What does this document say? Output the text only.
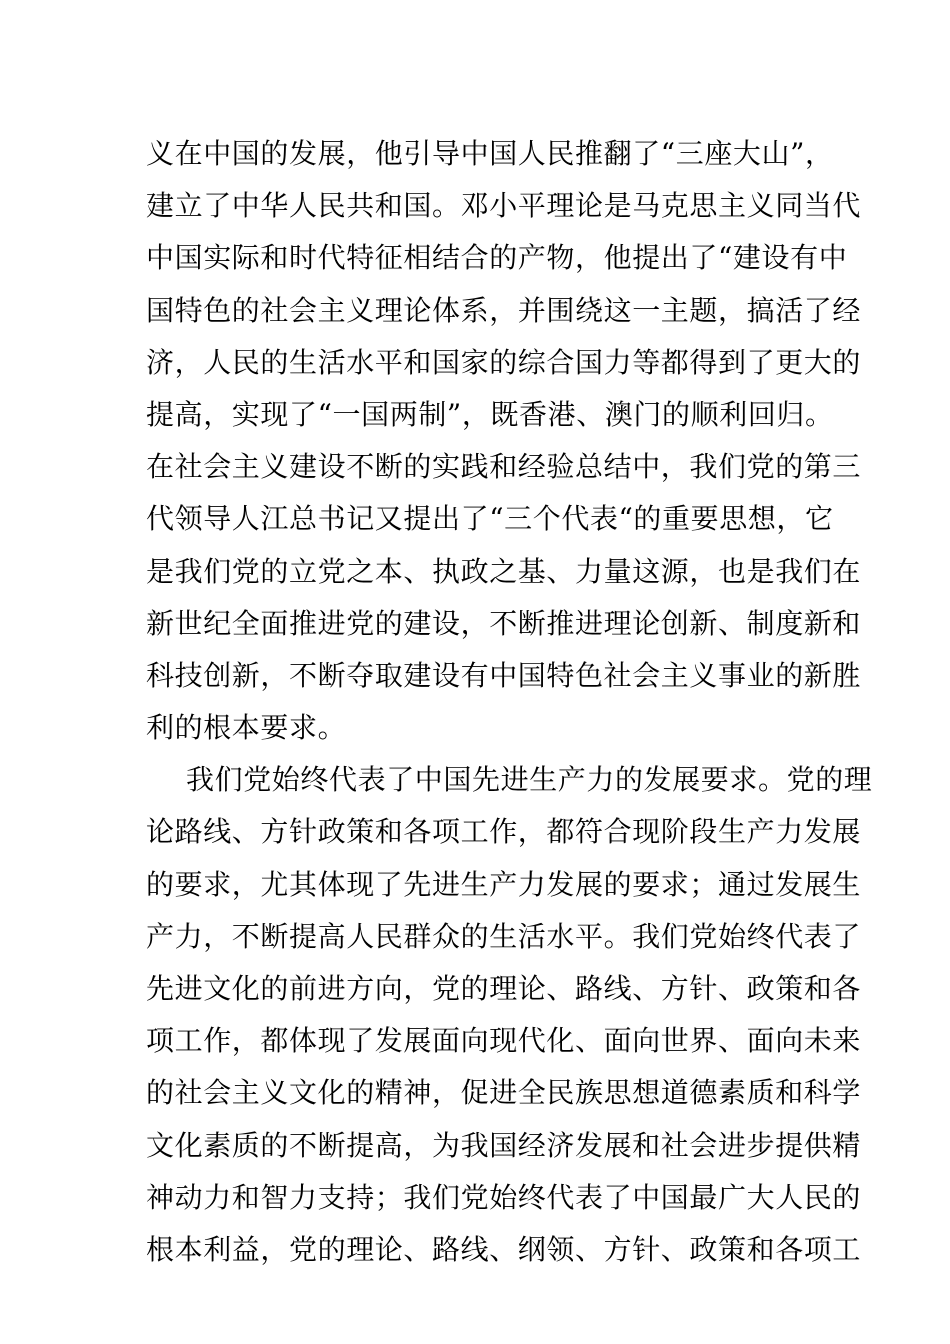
义在中国的发展，他引导中国人民推翻了“三座大山”，
建立了中华人民共和国。邓小平理论是马克思主义同当代
中国实际和时代特征相结合的产物，他提出了“建设有中
国特色的社会主义理论体系，并围绕这一主题，搞活了经
济，人民的生活水平和国家的综合国力等都得到了更大的
提高，实现了“一国两制”，既香港、澳门的顺利回归。
在社会主义建设不断的实践和经验总结中，我们党的第三
代领导人江总书记又提出了“三个代表“的重要思想，它
是我们党的立党之本、执政之基、力量这源，也是我们在
新世纪全面推进党的建设，不断推进理论创新、制度新和
科技创新，不断夺取建设有中国特色社会主义事业的新胜
利的根本要求。
我们党始终代表了中国先进生产力的发展要求。党的理
论路线、方针政策和各项工作，都符合现阶段生产力发展
的要求，尤其体现了先进生产力发展的要求；通过发展生
产力，不断提高人民群众的生活水平。我们党始终代表了
先进文化的前进方向，党的理论、路线、方针、政策和各
项工作，都体现了发展面向现代化、面向世界、面向未来
的社会主义文化的精神，促进全民族思想道德素质和科学
文化素质的不断提高，为我国经济发展和社会进步提供精
神动力和智力支持；我们党始终代表了中国最广大人民的
根本利益，党的理论、路线、纲领、方针、政策和各项工
